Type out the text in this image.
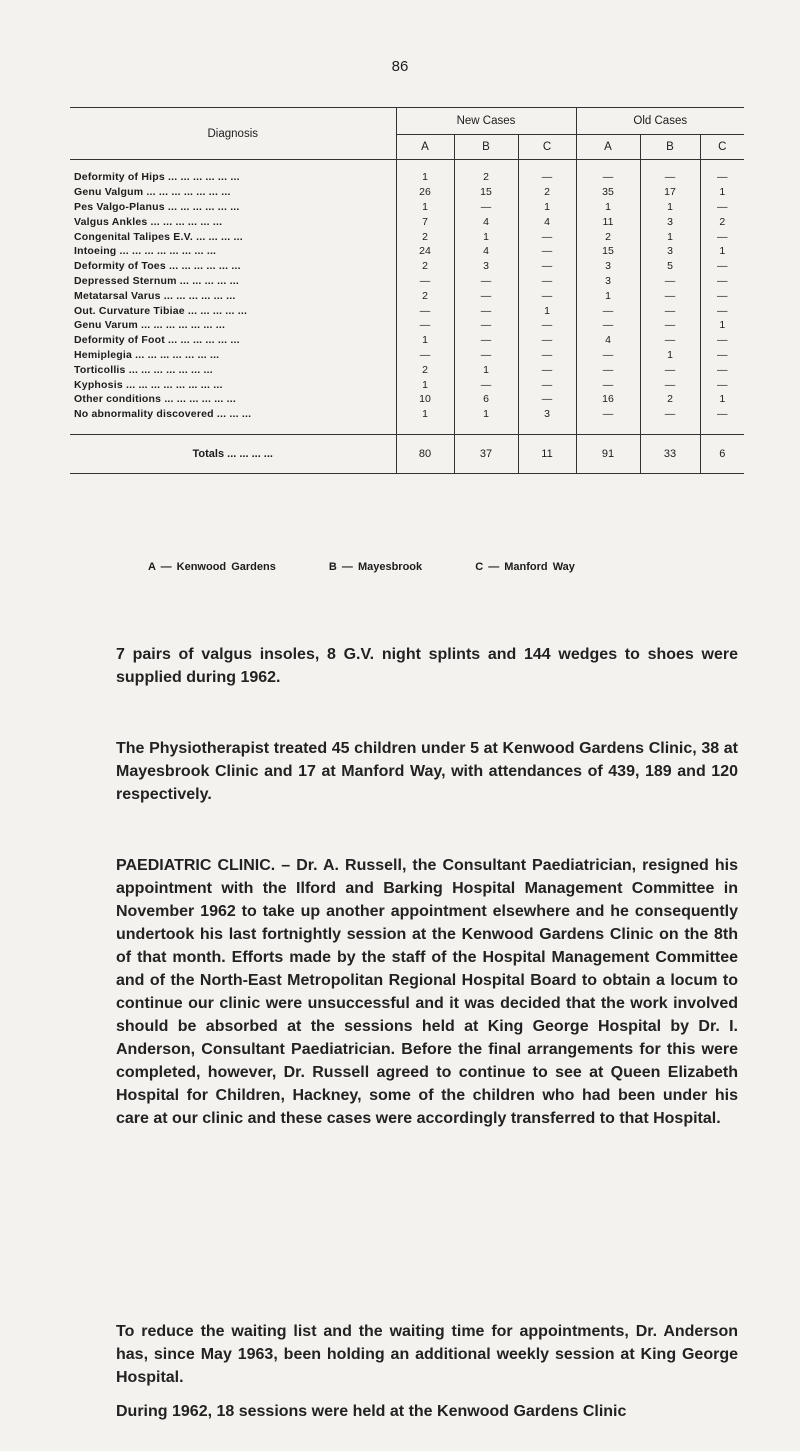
86
Diagnosis	New Cases			Old Cases		
	A	B	C	A	B	C
Deformity of Hips ... ... ... ... ... ...	1	2	—	—	—	—
Genu Valgum ... ... ... ... ... ... ...	26	15	2	35	17	1
Pes Valgo-Planus ... ... ... ... ... ...	1	—	1	1	1	—
Valgus Ankles ... ... ... ... ... ...	7	4	4	11	3	2
Congenital Talipes E.V. ... ... ... ...	2	1	—	2	1	—
Intoeing ... ... ... ... ... ... ... ...	24	4	—	15	3	1
Deformity of Toes ... ... ... ... ... ...	2	3	—	3	5	—
Depressed Sternum ... ... ... ... ...	—	—	—	3	—	—
Metatarsal Varus ... ... ... ... ... ...	2	—	—	1	—	—
Out. Curvature Tibiae ... ... ... ... ...	—	—	1	—	—	—
Genu Varum ... ... ... ... ... ... ...	—	—	—	—	—	1
Deformity of Foot ... ... ... ... ... ...	1	—	—	4	—	—
Hemiplegia ... ... ... ... ... ... ...	—	—	—	—	1	—
Torticollis ... ... ... ... ... ... ...	2	1	—	—	—	—
Kyphosis ... ... ... ... ... ... ... ...	1	—	—	—	—	—
Other conditions ... ... ... ... ... ...	10	6	—	16	2	1
No abnormality discovered ... ... ...	1	1	3	—	—	—
Totals ... ... ... ...	80	37	11	91	33	6
A — Kenwood Gardens	B — Mayesbrook	C — Manford Way

7 pairs of valgus insoles, 8 G.V. night splints and 144 wedges to shoes were supplied during 1962.

The Physiotherapist treated 45 children under 5 at Kenwood Gardens Clinic, 38 at Mayesbrook Clinic and 17 at Manford Way, with attendances of 439, 189 and 120 respectively.

PAEDIATRIC CLINIC. – Dr. A. Russell, the Consultant Paediatrician, resigned his appointment with the Ilford and Barking Hospital Management Committee in November 1962 to take up another appointment elsewhere and he consequently undertook his last fortnightly session at the Kenwood Gardens Clinic on the 8th of that month. Efforts made by the staff of the Hospital Management Committee and of the North-East Metropolitan Regional Hospital Board to obtain a locum to continue our clinic were unsuccessful and it was decided that the work involved should be absorbed at the sessions held at King George Hospital by Dr. I. Anderson, Consultant Paediatrician. Before the final arrangements for this were completed, however, Dr. Russell agreed to continue to see at Queen Elizabeth Hospital for Children, Hackney, some of the children who had been under his care at our clinic and these cases were accordingly transferred to that Hospital.

To reduce the waiting list and the waiting time for appointments, Dr. Anderson has, since May 1963, been holding an additional weekly session at King George Hospital.

During 1962, 18 sessions were held at the Kenwood Gardens Clinic
